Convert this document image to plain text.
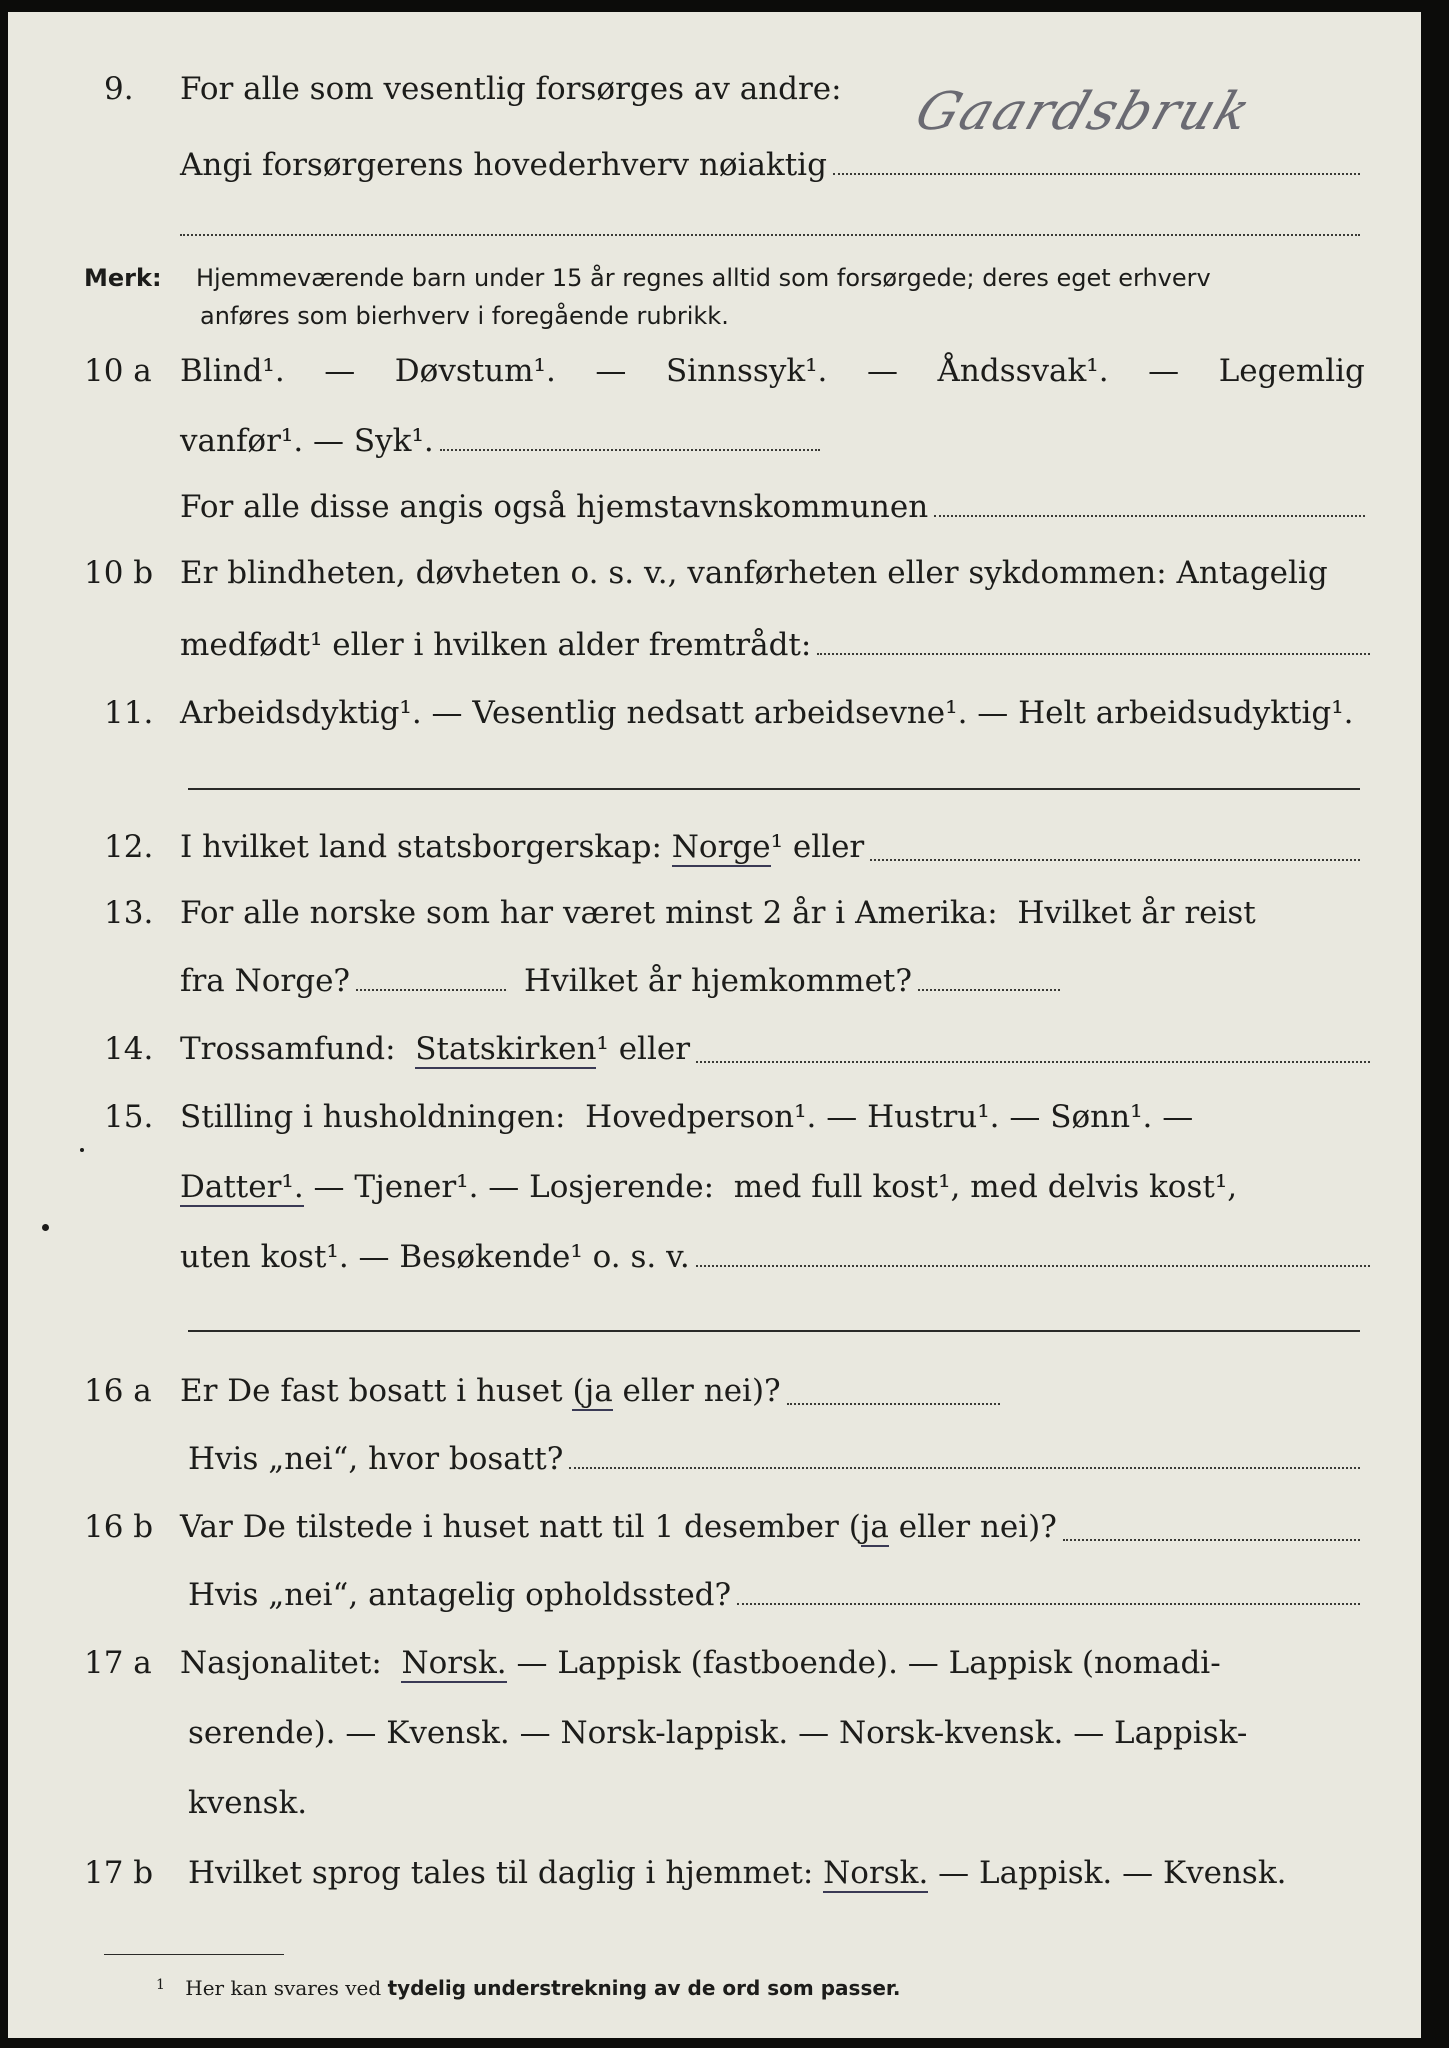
9. For alle som vesentlig forsørges av andre: Gaardsbruk
Angi forsørgerens hovederhverv nøiaktig
Merk: Hjemmeværende barn under 15 år regnes alltid som forsørgede; deres eget erhverv
anføres som bierhverv i foregående rubrikk.
10 a Blind¹. — Døvstum¹. — Sinnssyk¹. — Åndssvak¹. — Legemlig
vanfør¹. — Syk¹.
For alle disse angis også hjemstavnskommunen
10 b Er blindheten, døvheten o. s. v., vanførheten eller sykdommen: Antagelig
medfødt¹ eller i hvilken alder fremtrådt:
11. Arbeidsdyktig¹. — Vesentlig nedsatt arbeidsevne¹. — Helt arbeidsudyktig¹.
12. I hvilket land statsborgerskap:
Norge ¹ eller
13. For alle norske som har været minst 2 år i Amerika:  Hvilket år reist
fra Norge?	Hvilket år hjemkommet?
14. Trossamfund:
Statskirken ¹ eller
15. Stilling i husholdningen:  Hovedperson¹. — Hustru¹. — Sønn¹. —
Datter¹. — Tjener¹. — Losjerende:  med full kost¹, med delvis kost¹,
uten kost¹. — Besøkende¹ o. s. v.
16 a Er De fast bosatt i huset
(ja eller nei)?
Hvis „nei“, hvor bosatt?
16 b Var De tilstede i huset natt til 1 desember ( ja eller nei)?
Hvis „nei“, antagelig opholdssted?
17 a Nasjonalitet: Norsk. — Lappisk (fastboende). — Lappisk (nomadi-
serende). — Kvensk. — Norsk-lappisk. — Norsk-kvensk. — Lappisk-
kvensk.
17 b Hvilket sprog tales til daglig i hjemmet:
Norsk. — Lappisk. — Kvensk.
$^1$ Her kan svares ved tydelig understrekning av de ord som passer.
